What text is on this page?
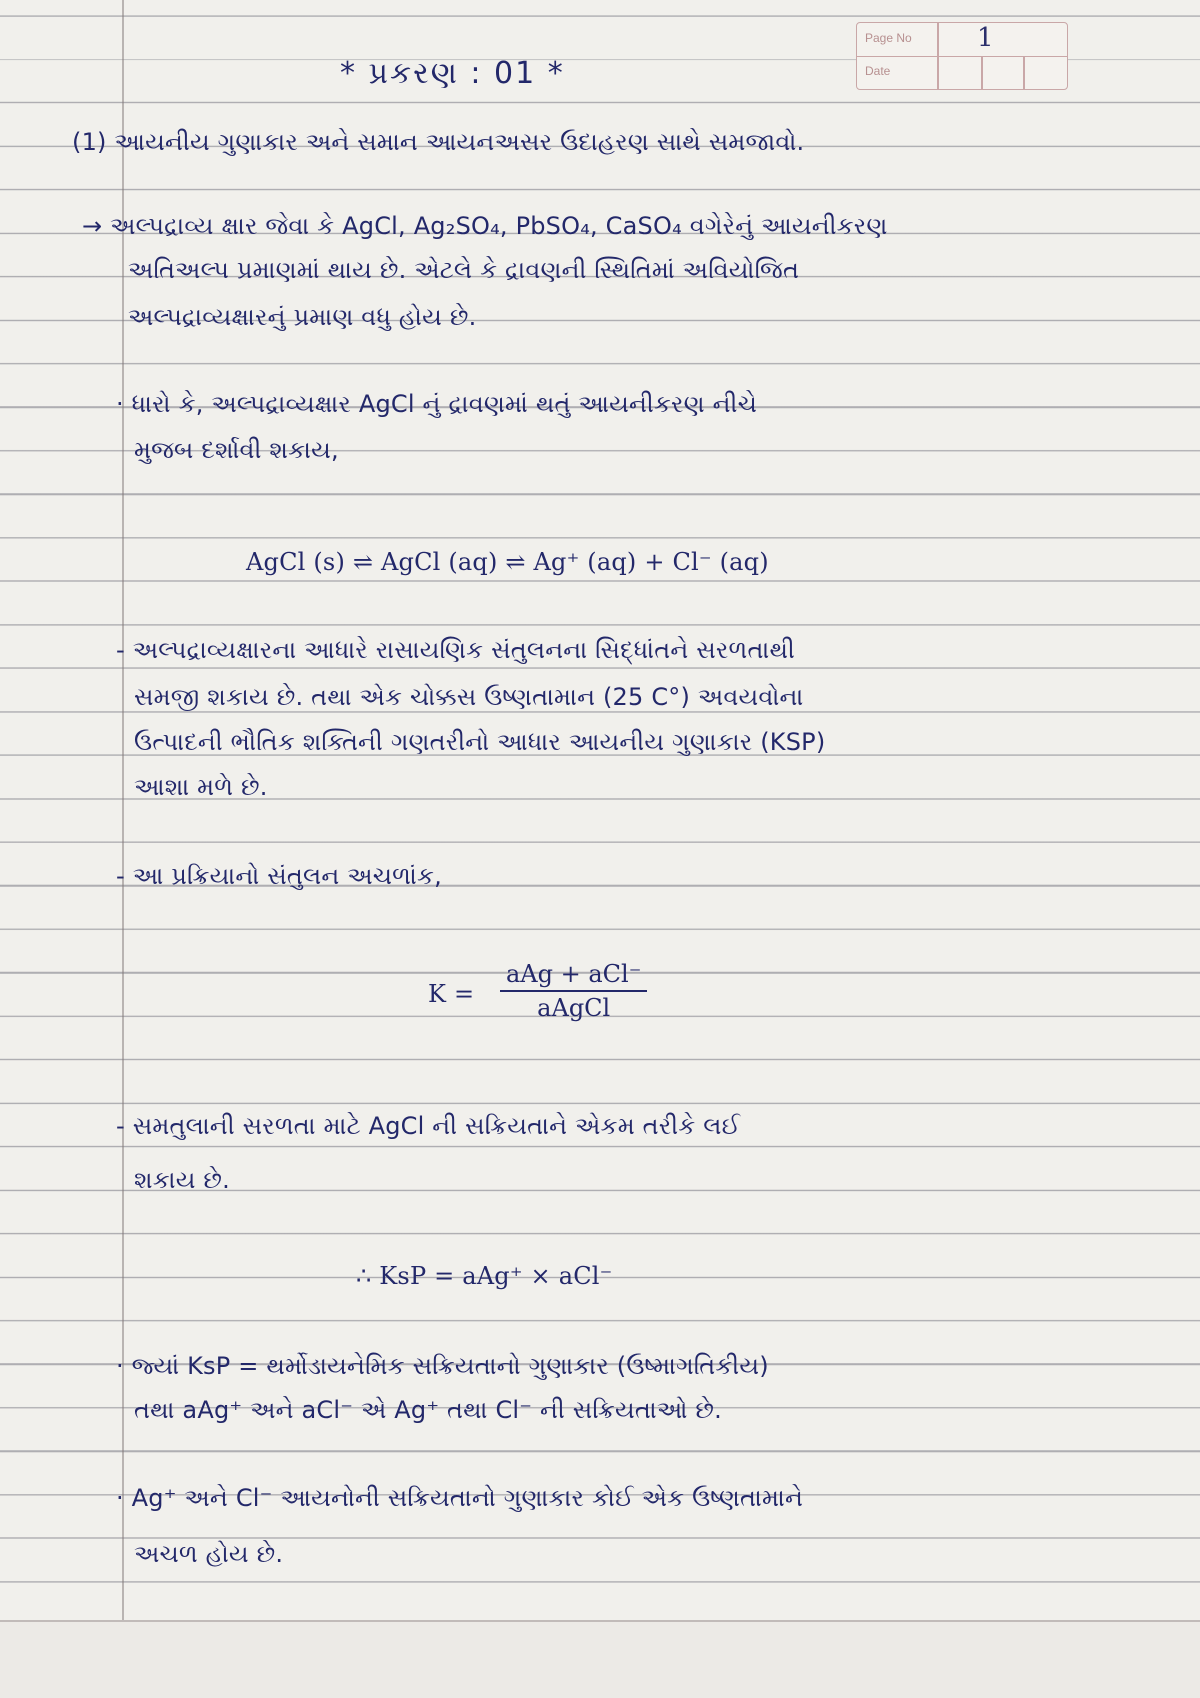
Page No	1
Date
* પ્રકરણ : 01 *
(1) આયનીય ગુણાકાર અને સમાન આયનઅસર ઉદાહરણ સાથે સમજાવો.
→ અલ્પદ્રાવ્ય ક્ષાર જેવા કે AgCl, Ag₂SO₄, PbSO₄, CaSO₄ વગેરેનું આયનીકરણ
અતિઅલ્પ પ્રમાણમાં થાય છે. એટલે કે દ્રાવણની સ્થિતિમાં અવિયોજિત
અલ્પદ્રાવ્યક્ષારનું પ્રમાણ વધુ હોય છે.
· ધારો કે, અલ્પદ્રાવ્યક્ષાર AgCl નું દ્રાવણમાં થતું આયનીકરણ નીચે
મુજબ દર્શાવી શકાય,
AgCl (s) ⇌ AgCl (aq) ⇌ Ag⁺ (aq) + Cl⁻ (aq)
- અલ્પદ્રાવ્યક્ષારના આધારે રાસાયણિક સંતુલનના સિદ્ધાંતને સરળતાથી
સમજી શકાય છે. તથા એક ચોક્કસ ઉષ્ણતામાન (25 C°) અવયવોના
ઉત્પાદની ભૌતિક શક્તિની ગણતરીનો આધાર આયનીય ગુણાકાર (KSP)
આશા મળે છે.
- આ પ્રક્રિયાનો સંતુલન અચળાંક,
K =
aAg + aCl⁻
aAgCl
- સમતુલાની સરળતા માટે AgCl ની સક્રિયતાને એકમ તરીકે લઈ
શકાય છે.
∴ KsP = aAg⁺ × aCl⁻
· જ્યાં KsP = થર્મોડાયનેમિક સક્રિયતાનો ગુણાકાર (ઉષ્માગતિકીય)
તથા aAg⁺ અને aCl⁻ એ Ag⁺ તથા Cl⁻ ની સક્રિયતાઓ છે.
· Ag⁺ અને Cl⁻ આયનોની સક્રિયતાનો ગુણાકાર કોઈ એક ઉષ્ણતામાને
અચળ હોય છે.
